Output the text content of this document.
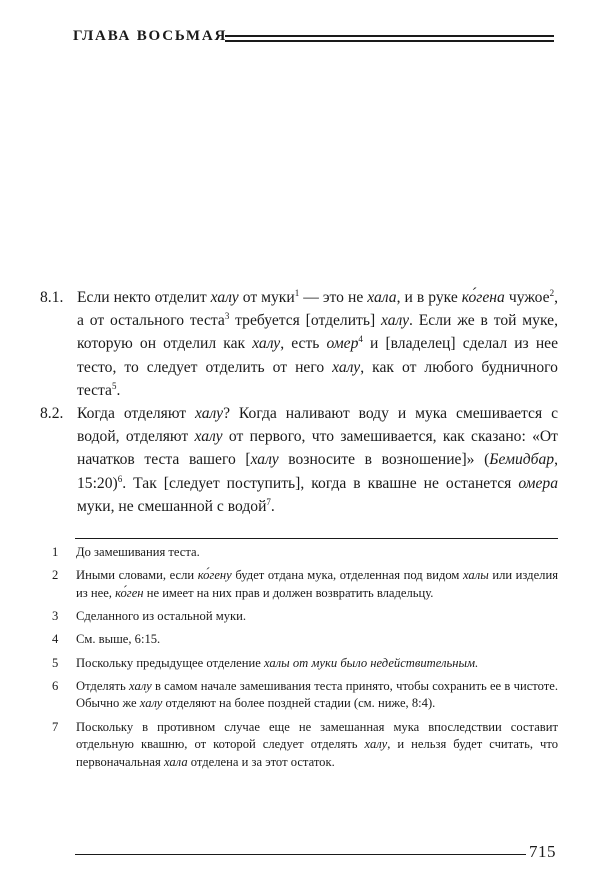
ГЛАВА ВОСЬМАЯ
8.1. Если некто отделит халу от муки$^1$ — это не хала, и в руке ко́гена чужое$^2$, а от остального теста$^3$ требуется [отделить] халу. Если же в той муке, которую он отделил как халу, есть омер$^4$ и [владелец] сделал из нее тесто, то следует отделить от него халу, как от любого будничного теста$^5$.
8.2. Когда отделяют халу? Когда наливают воду и мука смешивается с водой, отделяют халу от первого, что замешивается, как сказано: «От начатков теста вашего [халу возносите в возношение]» (Бемидбар, 15:20)$^6$. Так [следует поступить], когда в квашне не останется омера муки, не смешанной с водой$^7$.
1	До замешивания теста.
2	Иными словами, если ко́гену будет отдана мука, отделенная под видом халы или изделия из нее, ко́ген не имеет на них прав и должен возвратить владельцу.
3	Сделанного из остальной муки.
4	См. выше, 6:15.
5	Поскольку предыдущее отделение халы от муки было недействительным.
6	Отделять халу в самом начале замешивания теста принято, чтобы сохранить ее в чистоте. Обычно же халу отделяют на более поздней стадии (см. ниже, 8:4).
7	Поскольку в противном случае еще не замешанная мука впоследствии составит отдельную квашню, от которой следует отделять халу, и нельзя будет считать, что первоначальная хала отделена и за этот остаток.
715
